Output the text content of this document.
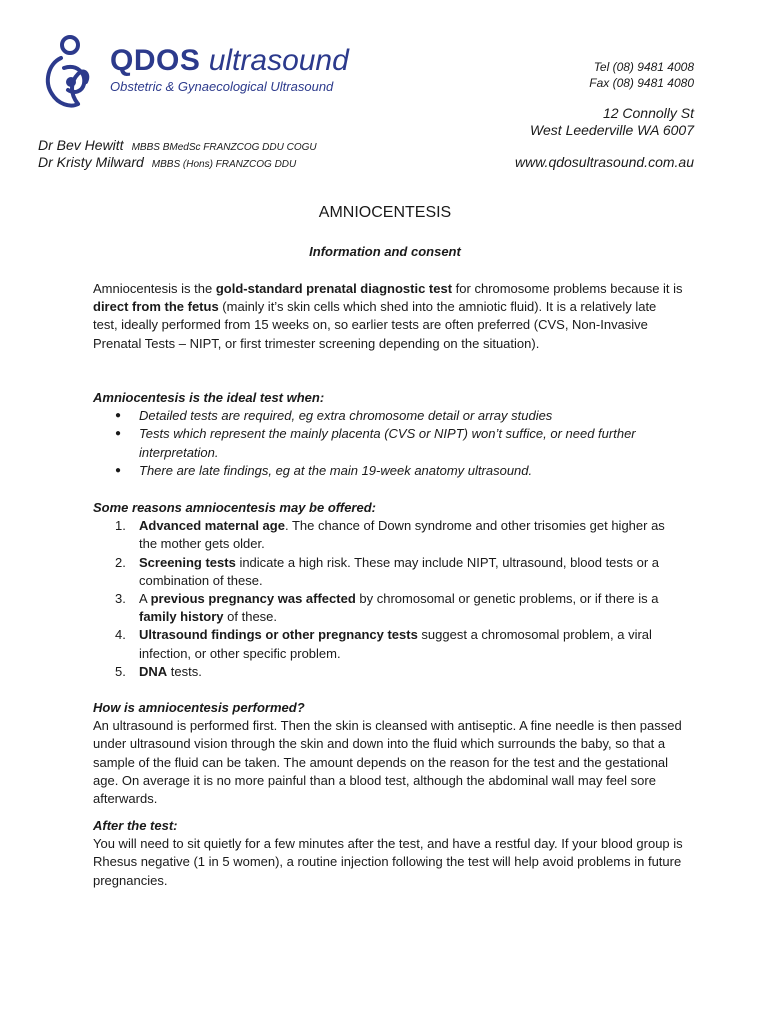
QDOS ultrasound
Obstetric & Gynaecological Ultrasound
Tel (08) 9481 4008
Fax (08) 9481 4080
12 Connolly St
West Leederville WA 6007
www.qdosultrasound.com.au
Dr Bev Hewitt MBBS BMedSc FRANZCOG DDU COGU
Dr Kristy Milward MBBS (Hons) FRANZCOG DDU
AMNIOCENTESIS
Information and consent

Amniocentesis is the gold-standard prenatal diagnostic test for chromosome problems because it is direct from the fetus (mainly it’s skin cells which shed into the amniotic fluid). It is a relatively late test, ideally performed from 15 weeks on, so earlier tests are often preferred (CVS, Non-Invasive Prenatal Tests – NIPT, or first trimester screening depending on the situation).

Amniocentesis is the ideal test when:
● Detailed tests are required, eg extra chromosome detail or array studies
● Tests which represent the mainly placenta (CVS or NIPT) won’t suffice, or need further interpretation.
● There are late findings, eg at the main 19-week anatomy ultrasound.
Some reasons amniocentesis may be offered:
1. Advanced maternal age. The chance of Down syndrome and other trisomies get higher as the mother gets older.
2. Screening tests indicate a high risk. These may include NIPT, ultrasound, blood tests or a combination of these.
3. A previous pregnancy was affected by chromosomal or genetic problems, or if there is a family history of these.
4. Ultrasound findings or other pregnancy tests suggest a chromosomal problem, a viral infection, or other specific problem.
5. DNA tests.
How is amniocentesis performed?

An ultrasound is performed first. Then the skin is cleansed with antiseptic. A fine needle is then passed under ultrasound vision through the skin and down into the fluid which surrounds the baby, so that a sample of the fluid can be taken. The amount depends on the reason for the test and the gestational age. On average it is no more painful than a blood test, although the abdominal wall may feel sore afterwards.

After the test:

You will need to sit quietly for a few minutes after the test, and have a restful day. If your blood group is Rhesus negative (1 in 5 women), a routine injection following the test will help avoid problems in future pregnancies.
